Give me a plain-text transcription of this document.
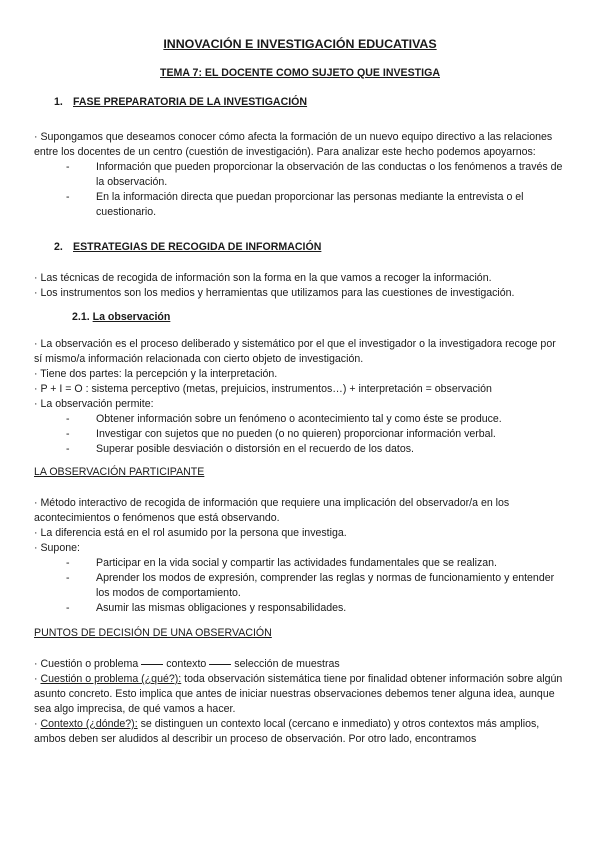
INNOVACIÓN E INVESTIGACIÓN EDUCATIVAS

TEMA 7: EL DOCENTE COMO SUJETO QUE INVESTIGA

1. FASE PREPARATORIA DE LA INVESTIGACIÓN

· Supongamos que deseamos conocer cómo afecta la formación de un nuevo equipo directivo a las relaciones entre los docentes de un centro (cuestión de investigación). Para analizar este hecho podemos apoyarnos:

- Información que pueden proporcionar la observación de las conductas o los fenómenos a través de la observación.
- En la información directa que puedan proporcionar las personas mediante la entrevista o el cuestionario.

2. ESTRATEGIAS DE RECOGIDA DE INFORMACIÓN

· Las técnicas de recogida de información son la forma en la que vamos a recoger la información.

· Los instrumentos son los medios y herramientas que utilizamos para las cuestiones de investigación.

2.1. La observación

· La observación es el proceso deliberado y sistemático por el que el investigador o la investigadora recoge por sí mismo/a información relacionada con cierto objeto de investigación.

· Tiene dos partes: la percepción y la interpretación.

· P + I = O : sistema perceptivo (metas, prejuicios, instrumentos…) + interpretación = observación

· La observación permite:

- Obtener información sobre un fenómeno o acontecimiento tal y como éste se produce.
- Investigar con sujetos que no pueden (o no quieren) proporcionar información verbal.
- Superar posible desviación o distorsión en el recuerdo de los datos.

LA OBSERVACIÓN PARTICIPANTE

· Método interactivo de recogida de información que requiere una implicación del observador/a en los acontecimientos o fenómenos que está observando.

· La diferencia está en el rol asumido por la persona que investiga.

· Supone:

- Participar en la vida social y compartir las actividades fundamentales que se realizan.
- Aprender los modos de expresión, comprender las reglas y normas de funcionamiento y entender los modos de comportamiento.
- Asumir las mismas obligaciones y responsabilidades.

PUNTOS DE DECISIÓN DE UNA OBSERVACIÓN

· Cuestión o problema	contexto	selección de muestras

· Cuestión o problema (¿qué?): toda observación sistemática tiene por finalidad obtener información sobre algún asunto concreto. Esto implica que antes de iniciar nuestras observaciones debemos tener alguna idea, aunque sea algo imprecisa, de qué vamos a hacer.

· Contexto (¿dónde?): se distinguen un contexto local (cercano e inmediato) y otros contextos más amplios, ambos deben ser aludidos al describir un proceso de observación. Por otro lado, encontramos
